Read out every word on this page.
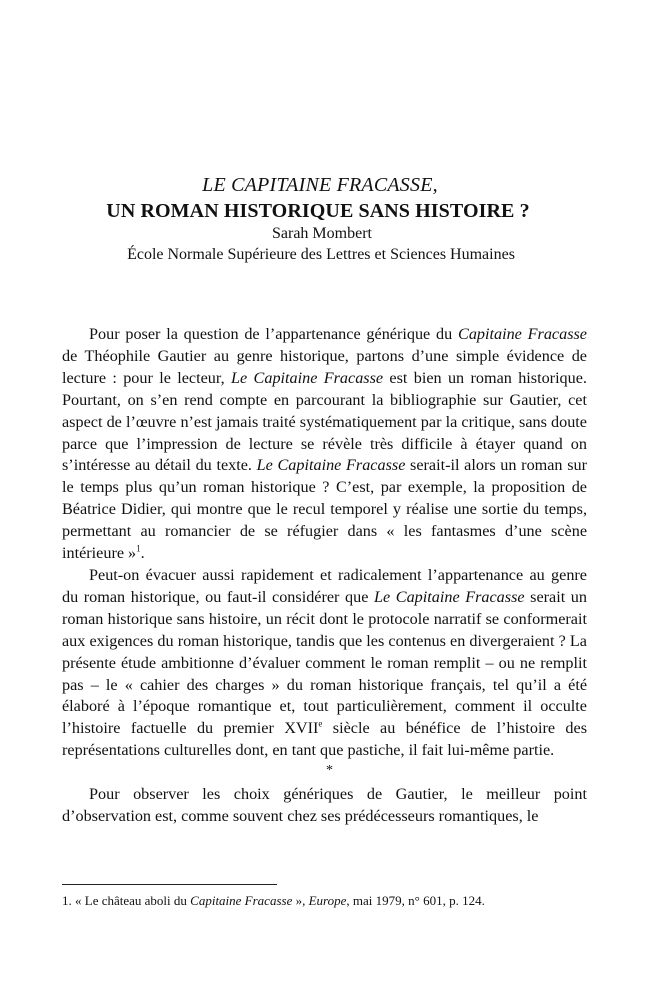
LE CAPITAINE FRACASSE,
UN ROMAN HISTORIQUE SANS HISTOIRE ?
Sarah Mombert
École Normale Supérieure des Lettres et Sciences Humaines

Pour poser la question de l’appartenance générique du Capitaine Fracasse de Théophile Gautier au genre historique, partons d’une simple évidence de lecture : pour le lecteur, Le Capitaine Fracasse est bien un roman historique. Pourtant, on s’en rend compte en parcourant la bibliographie sur Gautier, cet aspect de l’œuvre n’est jamais traité systématiquement par la critique, sans doute parce que l’impression de lecture se révèle très difficile à étayer quand on s’intéresse au détail du texte. Le Capitaine Fracasse serait-il alors un roman sur le temps plus qu’un roman historique ? C’est, par exemple, la proposition de Béatrice Didier, qui montre que le recul temporel y réalise une sortie du temps, permettant au romancier de se réfugier dans « les fantasmes d’une scène intérieure »$^1$.

Peut-on évacuer aussi rapidement et radicalement l’appartenance au genre du roman historique, ou faut-il considérer que Le Capitaine Fracasse serait un roman historique sans histoire, un récit dont le protocole narratif se conformerait aux exigences du roman historique, tandis que les contenus en divergeraient ? La présente étude ambitionne d’évaluer comment le roman remplit – ou ne remplit pas – le « cahier des charges » du roman historique français, tel qu’il a été élaboré à l’époque romantique et, tout particulièrement, comment il occulte l’histoire factuelle du premier XVIIe siècle au bénéfice de l’histoire des représentations culturelles dont, en tant que pastiche, il fait lui-même partie.

*

Pour observer les choix génériques de Gautier, le meilleur point d’observation est, comme souvent chez ses prédécesseurs romantiques, le

1. « Le château aboli du Capitaine Fracasse », Europe, mai 1979, n° 601, p. 124.
